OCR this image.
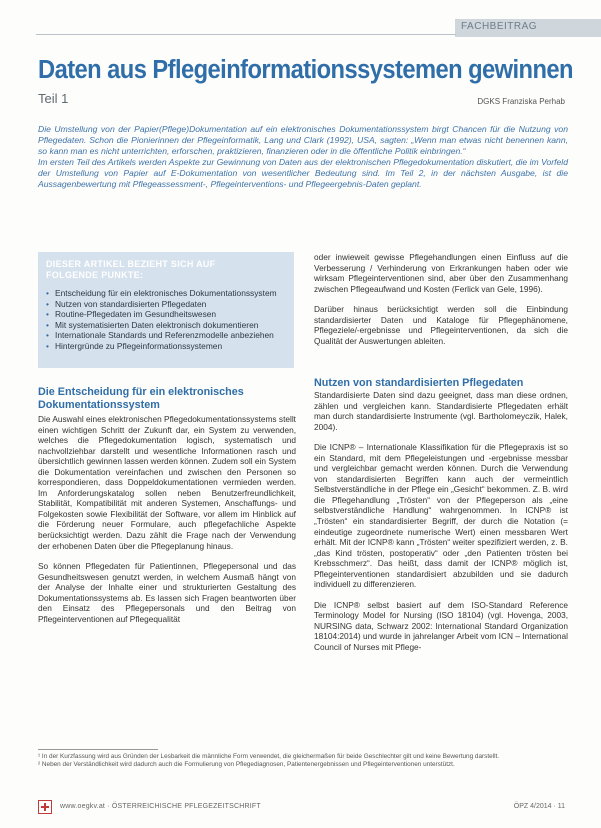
FACHBEITRAG
Daten aus Pflegeinformationssystemen gewinnen
Teil 1	DGKS Franziska Perhab

Die Umstellung von der Papier(Pflege)Dokumentation auf ein elektronisches Dokumentationssystem birgt Chancen für die Nutzung von Pflegedaten. Schon die Pionierinnen der Pflegeinformatik, Lang und Clark (1992), USA, sagten: „Wenn man etwas nicht benennen kann, so kann man es nicht unterrichten, erforschen, praktizieren, finanzieren oder in die öffentliche Politik einbringen.“

Im ersten Teil des Artikels werden Aspekte zur Gewinnung von Daten aus der elektronischen Pflegedokumentation diskutiert, die im Vorfeld der Umstellung von Papier auf E-Dokumentation von wesentlicher Bedeutung sind. Im Teil 2, in der nächsten Ausgabe, ist die Aussagenbewertung mit Pflegeassessment-, Pflegeinterventions- und Pflegeergebnis-Daten geplant.

DIESER ARTIKEL BEZIEHT SICH AUF
FOLGENDE PUNKTE:
• Entscheidung für ein elektronisches Dokumentationssystem
• Nutzen von standardisierten Pflegedaten
• Routine-Pflegedaten im Gesundheitswesen
• Mit systematisierten Daten elektronisch dokumentieren
• Internationale Standards und Referenzmodelle anbeziehen
• Hintergründe zu Pflegeinformationssystemen
Die Entscheidung für ein elektronisches Dokumentationssystem

Die Auswahl eines elektronischen Pflegedokumentationssystems stellt einen wichtigen Schritt der Zukunft dar, ein System zu verwenden, welches die Pflegedokumentation logisch, systematisch und nachvollziehbar darstellt und wesentliche Informationen rasch und übersichtlich gewinnen lassen werden können. Zudem soll ein System die Dokumentation vereinfachen und zwischen den Personen so korrespondieren, dass Doppeldokumentationen vermieden werden. Im Anforderungskatalog sollen neben Benutzerfreundlichkeit, Stabilität, Kompatibilität mit anderen Systemen, Anschaffungs- und Folgekosten sowie Flexibilität der Software, vor allem im Hinblick auf die Förderung neuer Formulare, auch pflegefachliche Aspekte berücksichtigt werden. Dazu zählt die Frage nach der Verwendung der erhobenen Daten über die Pflegeplanung hinaus.

So können Pflegedaten für Patientinnen, Pflegepersonal und das Gesundheitswesen genutzt werden, in welchem Ausmaß hängt von der Analyse der Inhalte einer und strukturierten Gestaltung des Dokumentationssystems ab. Es lassen sich Fragen beantworten über den Einsatz des Pflegepersonals und den Beitrag von Pflegeinterventionen auf Pflegequalität

oder inwieweit gewisse Pflegehandlungen einen Einfluss auf die Verbesserung / Verhinderung von Erkrankungen haben oder wie wirksam Pflegeinterventionen sind, aber über den Zusammenhang zwischen Pflegeaufwand und Kosten (Ferlick van Gele, 1996).

Darüber hinaus berücksichtigt werden soll die Einbindung standardisierter Daten und Kataloge für Pflegephänomene, Pflegeziele/-ergebnisse und Pflegeinterventionen, da sich die Qualität der Auswertungen ableiten.

Nutzen von standardisierten Pflegedaten

Standardisierte Daten sind dazu geeignet, dass man diese ordnen, zählen und vergleichen kann. Standardisierte Pflegedaten erhält man durch standardisierte Instrumente (vgl. Bartholomeyczik, Halek, 2004).

Die ICNP® – Internationale Klassifikation für die Pflegepraxis ist so ein Standard, mit dem Pflegeleistungen und -ergebnisse messbar und vergleichbar gemacht werden können. Durch die Verwendung von standardisierten Begriffen kann auch der vermeintlich Selbstverständliche in der Pflege ein „Gesicht“ bekommen. Z. B. wird die Pflegehandlung „Trösten“ von der Pflegeperson als „eine selbstverständliche Handlung“ wahrgenommen. In ICNP® ist „Trösten“ ein standardisierter Begriff, der durch die Notation (= eindeutige zugeordnete numerische Wert) einen messbaren Wert erhält. Mit der ICNP® kann „Trösten“ weiter spezifiziert werden, z. B. „das Kind trösten, postoperativ“ oder „den Patienten trösten bei Krebsschmerz“. Das heißt, dass damit der ICNP® möglich ist, Pflegeinterventionen standardisiert abzubilden und sie dadurch individuell zu differenzieren.

Die ICNP® selbst basiert auf dem ISO-Standard Reference Terminology Model for Nursing (ISO 18104) (vgl. Hovenga, 2003, NURSING data, Schwarz 2002: International Standard Organization 18104:2014) und wurde in jahrelanger Arbeit vom ICN – International Council of Nurses mit Pflege-

¹ In der Kurzfassung wird aus Gründen der Lesbarkeit die männliche Form verwendet, die gleichermaßen für beide Geschlechter gilt und keine Bewertung darstellt.

² Neben der Verständlichkeit wird dadurch auch die Formulierung von Pflegediagnosen, Patientenergebnissen und Pflegeinterventionen unterstützt.

www.oegkv.at · ÖSTERREICHISCHE PFLEGEZEITSCHRIFT	ÖPZ 4/2014 · 11
